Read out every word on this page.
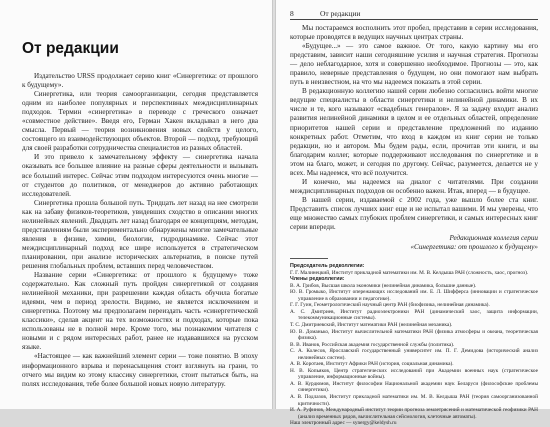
От редакции

Издательство URSS продолжает серию книг «Синергетика: от прошлого к будущему».

Синергетика, или теория самоорганизации, сегодня представляется одним из наиболее популярных и перспективных междисциплинарных подходов. Термин «синергетика» в переводе с греческого означает «совместное действие». Введя его, Герман Хакен вкладывал в него два смысла. Первый — теория возникновения новых свойств у целого, состоящего из взаимодействующих объектов. Второй — подход, требующий для своей разработки сотрудничества специалистов из разных областей.

И это привело к замечательному эффекту — синергетика начала оказывать все большее влияние на разные сферы деятельности и вызывать все больший интерес. Сейчас этим подходом интересуются очень многие — от студентов до политиков, от менеджеров до активно работающих исследователей.

Синергетика прошла большой путь. Тридцать лет назад на нее смотрели как на забаву физиков-теоретиков, увидевших сходство в описании многих нелинейных явлений. Двадцать лет назад благодаря ее концепциям, методам, представлениям были экспериментально обнаружены многие замечательные явления в физике, химии, биологии, гидродинамике. Сейчас этот междисциплинарный подход все шире используется в стратегическом планировании, при анализе исторических альтернатив, в поиске путей решения глобальных проблем, вставших перед человечеством.

Название серии «Синергетика: от прошлого к будущему» тоже содержательно. Как сложный путь пройден синергетикой от создания нелинейной механики, при разрешении каждая область обучила богатые идеями, чем в период зрелости. Видимо, не является исключением и синергетика. Поэтому мы предполагаем переиздать часть «синергетической классики», сделав акцент на тех возможностях и подходах, которые пока использованы не в полной мере. Кроме того, мы познакомим читателя с новыми и с рядом интересных работ, ранее не издававшихся на русском языке.

«Настоящее — как важнейший элемент серии — тоже понятно. В эпоху информационного взрыва и перенасыщения стоит взглянуть на грани, то отчего мы видим ко этому классику синергетики, стоит пытаться быть, на полях исследования, тебе более большой новых новую литературу.

8	От редакции

Мы постараемся восполнить этот пробел, представив в серии исследования, которые проводятся в ведущих научных центрах страны.

«Будущее...» — это самое важное. От того, какую картину мы его представим, зависит наши сегодняшние усилия и научная стратегия. Прогнозы — дело неблагодарное, хотя и совершенно необходимое. Прогнозы — это, как правило, неверные представления о будущем, но они помогают нам выбрать путь в неизвестном, на что мы надеемся показать в этой серии.

В редакционную коллегию нашей серии любезно согласились войти многие ведущие специалисты в области синергетики и нелинейной динамики. В их числе и те, кого называют «свадебных генералов». Я за задачу входит анализ развития нелинейной динамики в целом и ее отдельных областей, определение приоритетов нашей серии и представление предложений по изданию конкретных работ. Отметим, что вход в каждом из книг серии не только редакции, но и автором. Мы будем рады, если, прочитав эти книги, и вы благодарим коллег, которые поддерживают исследования по синергетике и в этом на благо, может, и сегодня по другому. Сейчас, разумеется, делается не у всех. Мы надеемся, что всё получится.

И конечно, мы надеемся на диалог с читателями. При создании междисциплинарных подходов он особенно важен. Итак, вперед — в будущее.

В нашей серии, издаваемой с 2002 года, уже вышло более ста книг. Представить список лучших книг еще и не испытал вашими. И мы уверены, что еще множество самых глубоких проблем синергетики, и самых интересных книг серии впереди.

Редакционная коллегия серии
«Синергетика: от прошлого к будущему»

Председатель редколлегии:

Г. Г. Малинецкий, Институт прикладной математики им. М. В. Келдыша РАН (сложность, хаос, прогноз).

Члены редколлегии:

В. А. Грибов, Высшая школа экономики (нелинейная динамика, большие данные).

Ю. В. Громыко, Институт опережающих исследований им. Е. Л. Шифферса (инновации и стратегическое управление в образовании и педагогике).

Г. Г. Гуин, Геометрологический научный центр РАН (биофизика, нелинейная динамика).

А. С. Дмитриев, Институт радиоэлектроники РАН (динамический хаос, защита информации, телекоммуникационные системы).

Т. С. Дмитриевский, Институт математики РАН (нелинейная механика).

Ю. В. Доманько, Институт вычислительной математики РАН (физика атмосферы и океана, теоретическая физика).

В. В. Иванов, Российская академия государственной службы (политика).

С. А. Колесов, Ярославский государственный университет им. П. Г. Демидова (исторический анализ нелинейных систем).

А. В. Коротаев, Институт Африки РАН (история, социальная динамика).

Н. В. Копьяков, Центр стратегических исследований при Академии военных наук (стратегическое управление, информационные войны).

А. В. Курдюмов, Институт философии Национальной академии наук Беларуси (философские проблемы синергетики).

А. В. Подлазов, Институт прикладной математики им. М. В. Келдыша РАН (теория самоорганизованной критичности).

И. А. Руфинов, Международный институт теории прогноза землетрясений и математической геофизики РАН (анализ временных рядов, вычислительная сейсмология, клеточные автоматы).

Наш электронный адрес — synergy@keldysh.ru
